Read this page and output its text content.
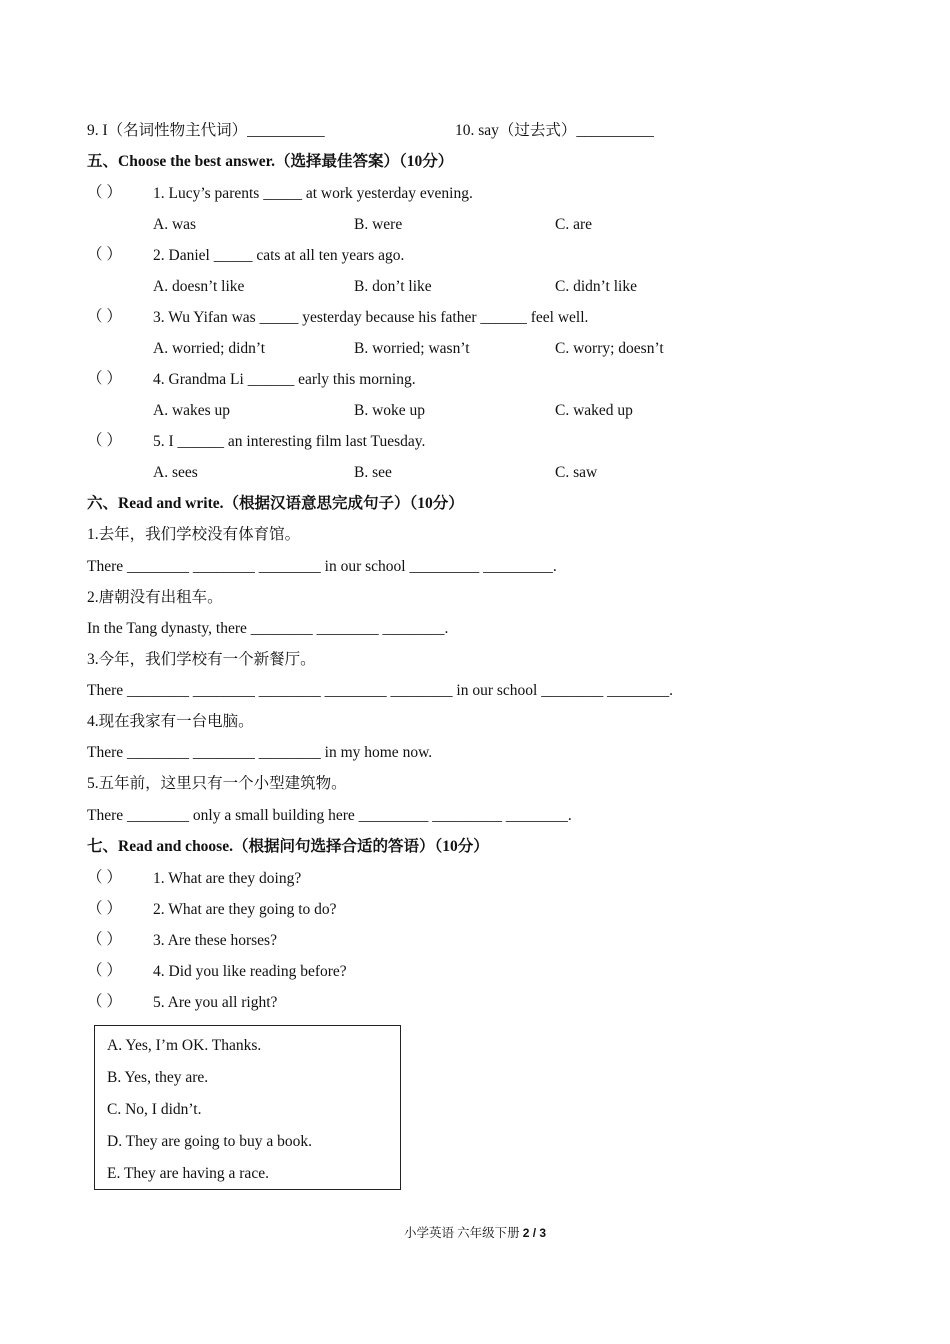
9. I（名词性物主代词）__________	10. say（过去式）__________
五、Choose the best answer.（选择最佳答案）（10分）
（ ） 1. Lucy’s parents _____ at work yesterday evening.
A. was	B. were	C. are
（ ） 2. Daniel _____ cats at all ten years ago.
A. doesn’t like	B. don’t like	C. didn’t like
（ ） 3. Wu Yifan was _____ yesterday because his father ______ feel well.
A. worried; didn’t	B. worried; wasn’t	C. worry; doesn’t
（ ） 4. Grandma Li ______ early this morning.
A. wakes up	B. woke up	C. waked up
（ ） 5. I ______ an interesting film last Tuesday.
A. sees	B. see	C. saw
六、Read and write.（根据汉语意思完成句子）（10分）
1.去年，我们学校没有体育馆。
There ________ ________ ________ in our school _________ _________.
2.唐朝没有出租车。
In the Tang dynasty, there ________ ________ ________.
3.今年，我们学校有一个新餐厅。
There ________ ________ ________ ________ ________ in our school ________ ________.
4.现在我家有一台电脑。
There ________ ________ ________ in my home now.
5.五年前，这里只有一个小型建筑物。
There ________ only a small building here _________ _________ ________.
七、Read and choose.（根据问句选择合适的答语）（10分）
（ ） 1. What are they doing?
（ ） 2. What are they going to do?
（ ） 3. Are these horses?
（ ） 4. Did you like reading before?
（ ） 5. Are you all right?
A. Yes, I’m OK. Thanks.
B. Yes, they are.
C. No, I didn’t.
D. They are going to buy a book.
E. They are having a race.
小学英语 六年级下册 2 / 3
